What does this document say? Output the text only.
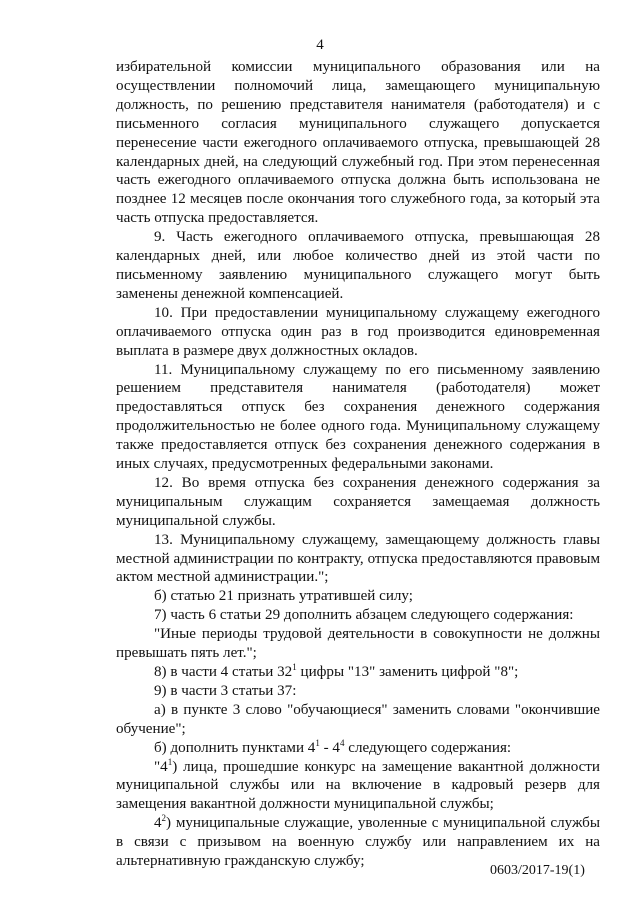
4

избирательной комиссии муниципального образования или на осуществлении полномочий лица, замещающего муниципальную должность, по решению представителя нанимателя (работодателя) и с письменного согласия муниципального служащего допускается перенесение части ежегодного оплачиваемого отпуска, превышающей 28 календарных дней, на следующий служебный год. При этом перенесенная часть ежегодного оплачиваемого отпуска должна быть использована не позднее 12 месяцев после окончания того служебного года, за который эта часть отпуска предоставляется.

9. Часть ежегодного оплачиваемого отпуска, превышающая 28 календарных дней, или любое количество дней из этой части по письменному заявлению муниципального служащего могут быть заменены денежной компенсацией.

10. При предоставлении муниципальному служащему ежегодного оплачиваемого отпуска один раз в год производится единовременная выплата в размере двух должностных окладов.

11. Муниципальному служащему по его письменному заявлению решением представителя нанимателя (работодателя) может предоставляться отпуск без сохранения денежного содержания продолжительностью не более одного года. Муниципальному служащему также предоставляется отпуск без сохранения денежного содержания в иных случаях, предусмотренных федеральными законами.

12. Во время отпуска без сохранения денежного содержания за муниципальным служащим сохраняется замещаемая должность муниципальной службы.

13. Муниципальному служащему, замещающему должность главы местной администрации по контракту, отпуска предоставляются правовым актом местной администрации.";

б) статью 21 признать утратившей силу;

7) часть 6 статьи 29 дополнить абзацем следующего содержания:

"Иные периоды трудовой деятельности в совокупности не должны превышать пять лет.";

8) в части 4 статьи $32^1$ цифры "13" заменить цифрой "8";

9) в части 3 статьи 37:

а) в пункте 3 слово "обучающиеся" заменить словами "окончившие обучение";

б) дополнить пунктами $4^1 - 4^4$ следующего содержания:

"$4^1$) лица, прошедшие конкурс на замещение вакантной должности муниципальной службы или на включение в кадровый резерв для замещения вакантной должности муниципальной службы;

$4^2$) муниципальные служащие, уволенные с муниципальной службы в связи с призывом на военную службу или направлением их на альтернативную гражданскую службу;

0603/2017-19(1)
